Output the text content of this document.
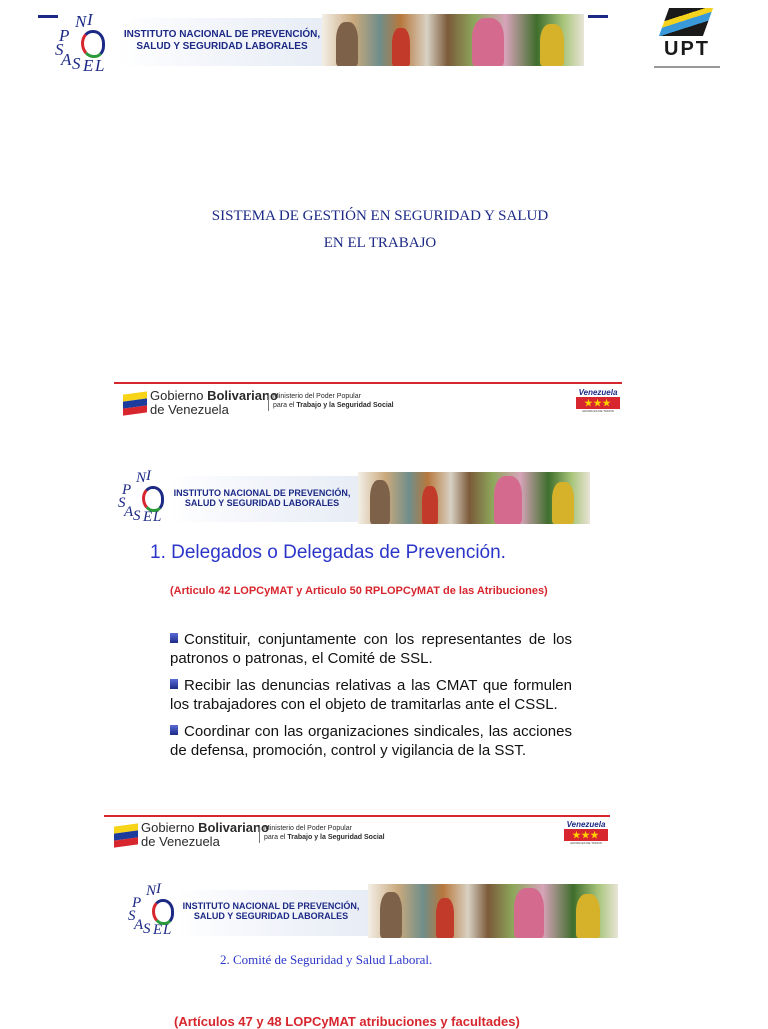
N I
P
S
A S E L
INSTITUTO NACIONAL DE PREVENCIÓN,
SALUD Y SEGURIDAD LABORALES	UPT
SISTEMA DE GESTIÓN EN SEGURIDAD Y SALUD
EN EL TRABAJO
Gobierno Bolivariano
de Venezuela
Ministerio del Poder Popular
para el Trabajo y la Seguridad Social
Venezuela
★★★
AHORA ES DE TODOS
N I
P
S
A S E L
INSTITUTO NACIONAL DE PREVENCIÓN,
SALUD Y SEGURIDAD LABORALES
1. Delegados o Delegadas de Prevención.
(Articulo 42 LOPCyMAT y Articulo 50 RPLOPCyMAT de las Atribuciones)
Constituir, conjuntamente con los representantes de los patronos o patronas, el Comité de SSL.
Recibir las denuncias relativas a las CMAT que formulen los trabajadores con el objeto de tramitarlas ante el CSSL.
Coordinar con las organizaciones sindicales, las acciones de defensa, promoción, control y vigilancia de la SST.
Gobierno Bolivariano
de Venezuela
Ministerio del Poder Popular
para el Trabajo y la Seguridad Social
Venezuela
★★★
AHORA ES DE TODOS
N I
P
S
A S E L
INSTITUTO NACIONAL DE PREVENCIÓN,
SALUD Y SEGURIDAD LABORALES
2. Comité de Seguridad y Salud Laboral.
(Artículos 47 y 48 LOPCyMAT atribuciones y facultades)
